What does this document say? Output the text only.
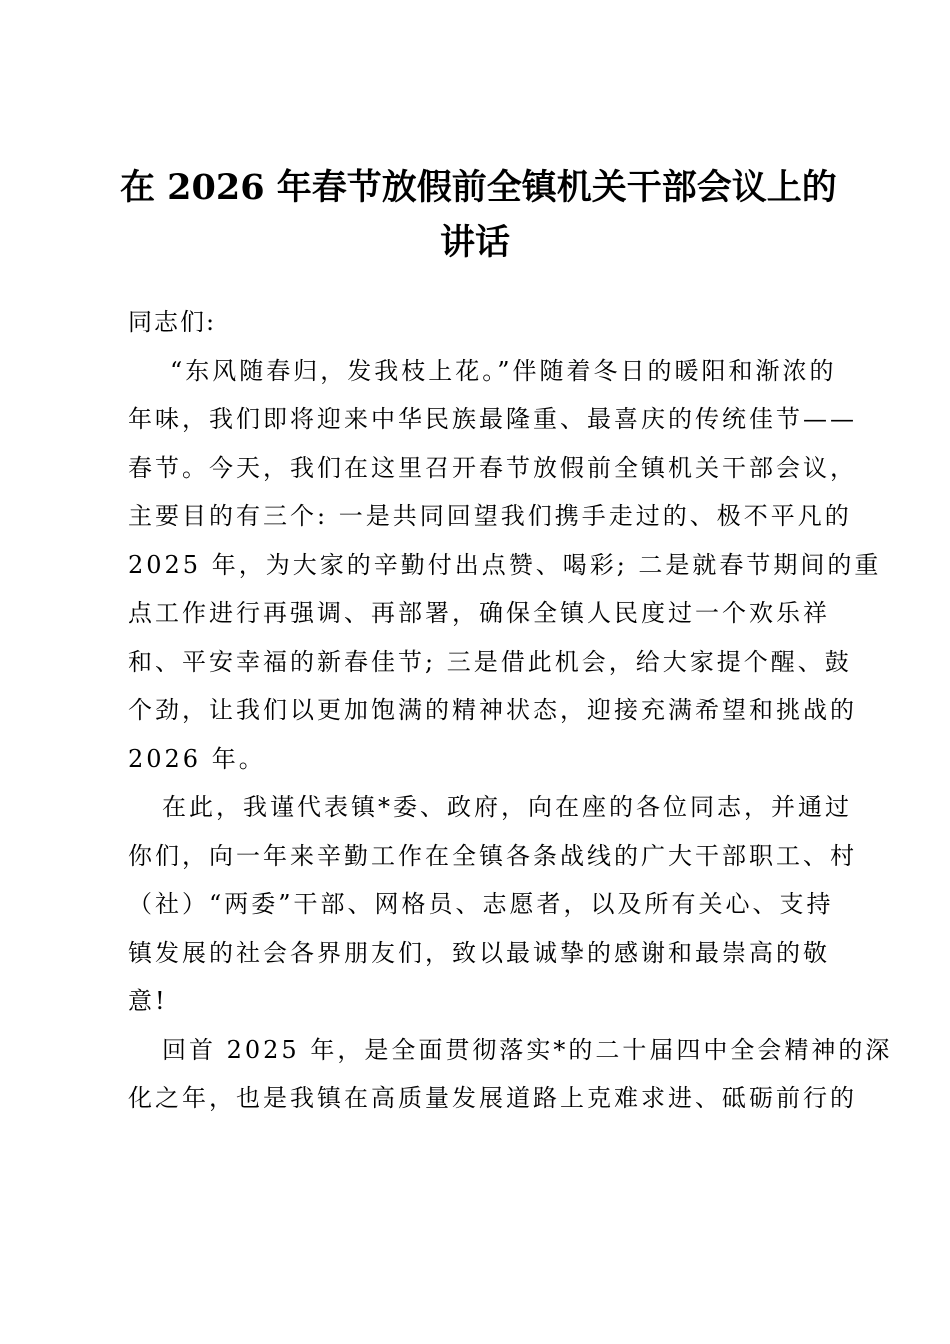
在 2026 年春节放假前全镇机关干部会议上的
讲话

同志们:

“东风随春归，发我枝上花。”伴随着冬日的暖阳和渐浓的
年味，我们即将迎来中华民族最隆重、最喜庆的传统佳节——
春节。今天，我们在这里召开春节放假前全镇机关干部会议，
主要目的有三个: 一是共同回望我们携手走过的、极不平凡的
2025 年，为大家的辛勤付出点赞、喝彩; 二是就春节期间的重
点工作进行再强调、再部署，确保全镇人民度过一个欢乐祥
和、平安幸福的新春佳节; 三是借此机会，给大家提个醒、鼓
个劲，让我们以更加饱满的精神状态，迎接充满希望和挑战的
2026 年。
在此，我谨代表镇*委、政府，向在座的各位同志，并通过
你们，向一年来辛勤工作在全镇各条战线的广大干部职工、村
（社）“两委”干部、网格员、志愿者，以及所有关心、支持
镇发展的社会各界朋友们，致以最诚挚的感谢和最崇高的敬
意!
回首 2025 年，是全面贯彻落实*的二十届四中全会精神的深
化之年，也是我镇在高质量发展道路上克难求进、砥砺前行的
